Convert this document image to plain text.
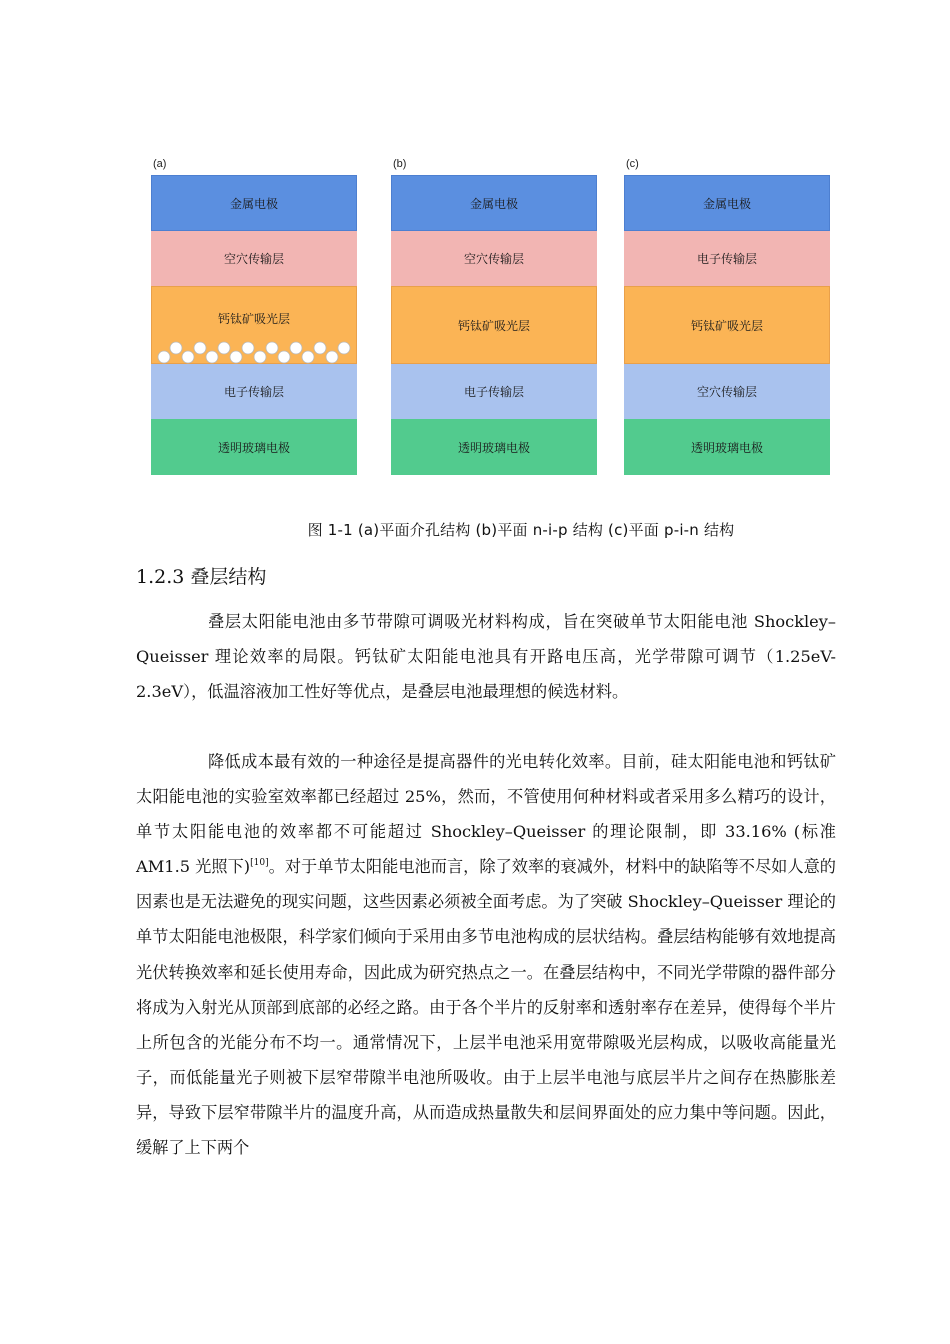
(a)
金属电极
空穴传输层
钙钛矿吸光层
电子传输层
透明玻璃电极
(b)
金属电极
空穴传输层
钙钛矿吸光层
电子传输层
透明玻璃电极
(c)
金属电极
电子传输层
钙钛矿吸光层
空穴传输层
透明玻璃电极
图 1-1 (a)平面介孔结构 (b)平面 n-i-p 结构 (c)平面 p-i-n 结构
1.2.3 叠层结构

叠层太阳能电池由多节带隙可调吸光材料构成，旨在突破单节太阳能电池 Shockley–Queisser 理论效率的局限。钙钛矿太阳能电池具有开路电压高，光学带隙可调节（1.25eV-2.3eV），低温溶液加工性好等优点，是叠层电池最理想的候选材料。

降低成本最有效的一种途径是提高器件的光电转化效率。目前，硅太阳能电池和钙钛矿太阳能电池的实验室效率都已经超过 25%，然而，不管使用何种材料或者采用多么精巧的设计，单节太阳能电池的效率都不可能超过 Shockley–Queisser 的理论限制，即 33.16% (标准 AM1.5 光照下)[10]。对于单节太阳能电池而言，除了效率的衰减外，材料中的缺陷等不尽如人意的因素也是无法避免的现实问题，这些因素必须被全面考虑。为了突破 Shockley–Queisser 理论的单节太阳能电池极限，科学家们倾向于采用由多节电池构成的层状结构。叠层结构能够有效地提高光伏转换效率和延长使用寿命，因此成为研究热点之一。在叠层结构中，不同光学带隙的器件部分将成为入射光从顶部到底部的必经之路。由于各个半片的反射率和透射率存在差异，使得每个半片上所包含的光能分布不均一。通常情况下，上层半电池采用宽带隙吸光层构成，以吸收高能量光子，而低能量光子则被下层窄带隙半电池所吸收。由于上层半电池与底层半片之间存在热膨胀差异，导致下层窄带隙半片的温度升高，从而造成热量散失和层间界面处的应力集中等问题。因此，缓解了上下两个
